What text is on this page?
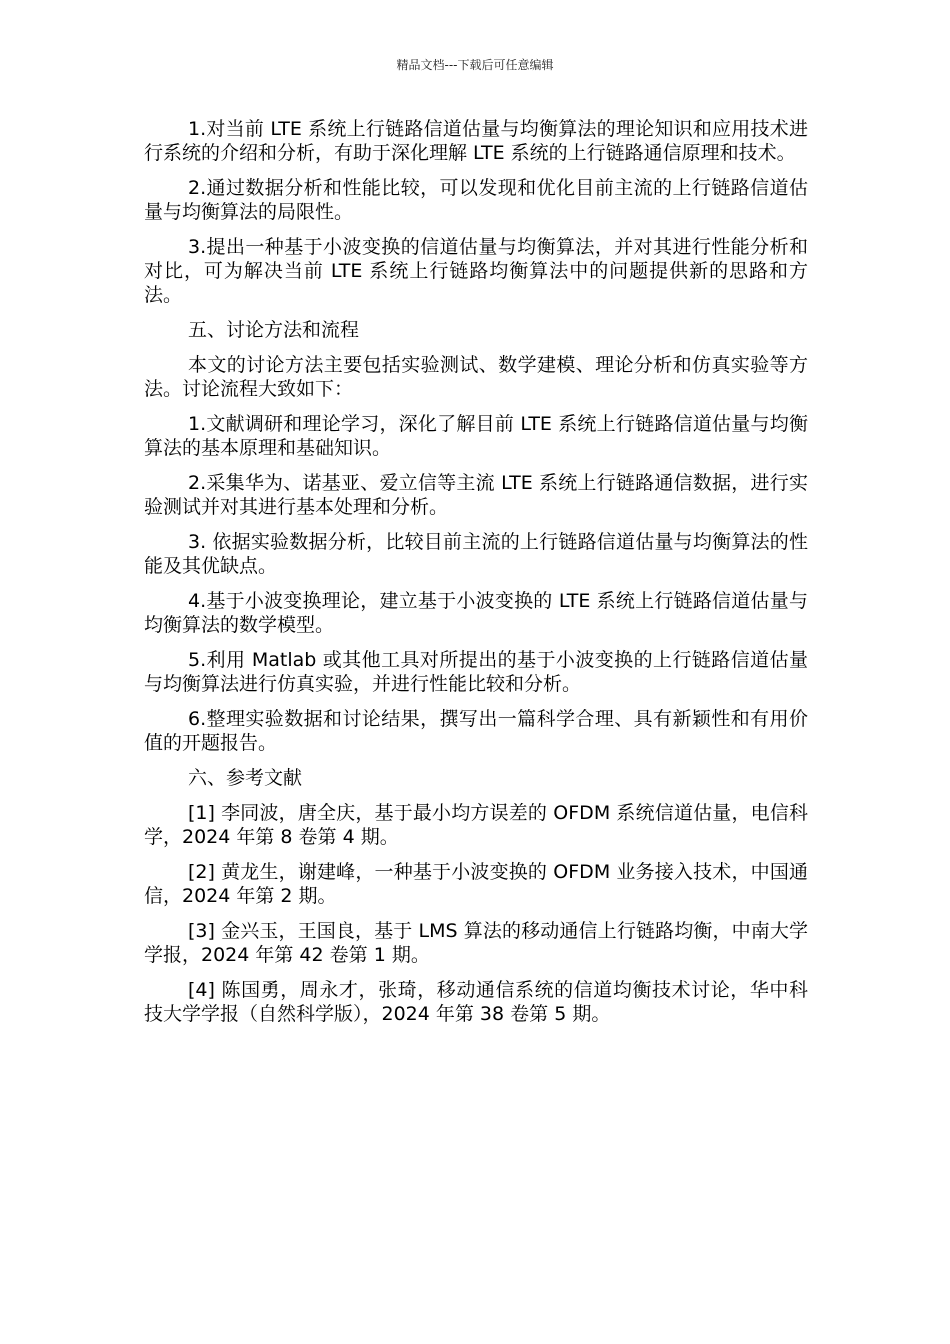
精品文档---下载后可任意编辑

1.对当前 LTE 系统上行链路信道估量与均衡算法的理论知识和应用技术进行系统的介绍和分析，有助于深化理解 LTE 系统的上行链路通信原理和技术。

2.通过数据分析和性能比较，可以发现和优化目前主流的上行链路信道估量与均衡算法的局限性。

3.提出一种基于小波变换的信道估量与均衡算法，并对其进行性能分析和对比，可为解决当前 LTE 系统上行链路均衡算法中的问题提供新的思路和方法。

五、讨论方法和流程

本文的讨论方法主要包括实验测试、数学建模、理论分析和仿真实验等方法。讨论流程大致如下：

1.文献调研和理论学习，深化了解目前 LTE 系统上行链路信道估量与均衡算法的基本原理和基础知识。

2.采集华为、诺基亚、爱立信等主流 LTE 系统上行链路通信数据，进行实验测试并对其进行基本处理和分析。

3. 依据实验数据分析，比较目前主流的上行链路信道估量与均衡算法的性能及其优缺点。

4.基于小波变换理论，建立基于小波变换的 LTE 系统上行链路信道估量与均衡算法的数学模型。

5.利用 Matlab 或其他工具对所提出的基于小波变换的上行链路信道估量与均衡算法进行仿真实验，并进行性能比较和分析。

6.整理实验数据和讨论结果，撰写出一篇科学合理、具有新颖性和有用价值的开题报告。

六、参考文献

[1] 李同波，唐全庆，基于最小均方误差的 OFDM 系统信道估量，电信科学，2024 年第 8 卷第 4 期。

[2] 黄龙生，谢建峰，一种基于小波变换的 OFDM 业务接入技术，中国通信，2024 年第 2 期。

[3] 金兴玉，王国良，基于 LMS 算法的移动通信上行链路均衡，中南大学学报，2024 年第 42 卷第 1 期。

[4] 陈国勇，周永才，张琦，移动通信系统的信道均衡技术讨论，华中科技大学学报（自然科学版），2024 年第 38 卷第 5 期。
